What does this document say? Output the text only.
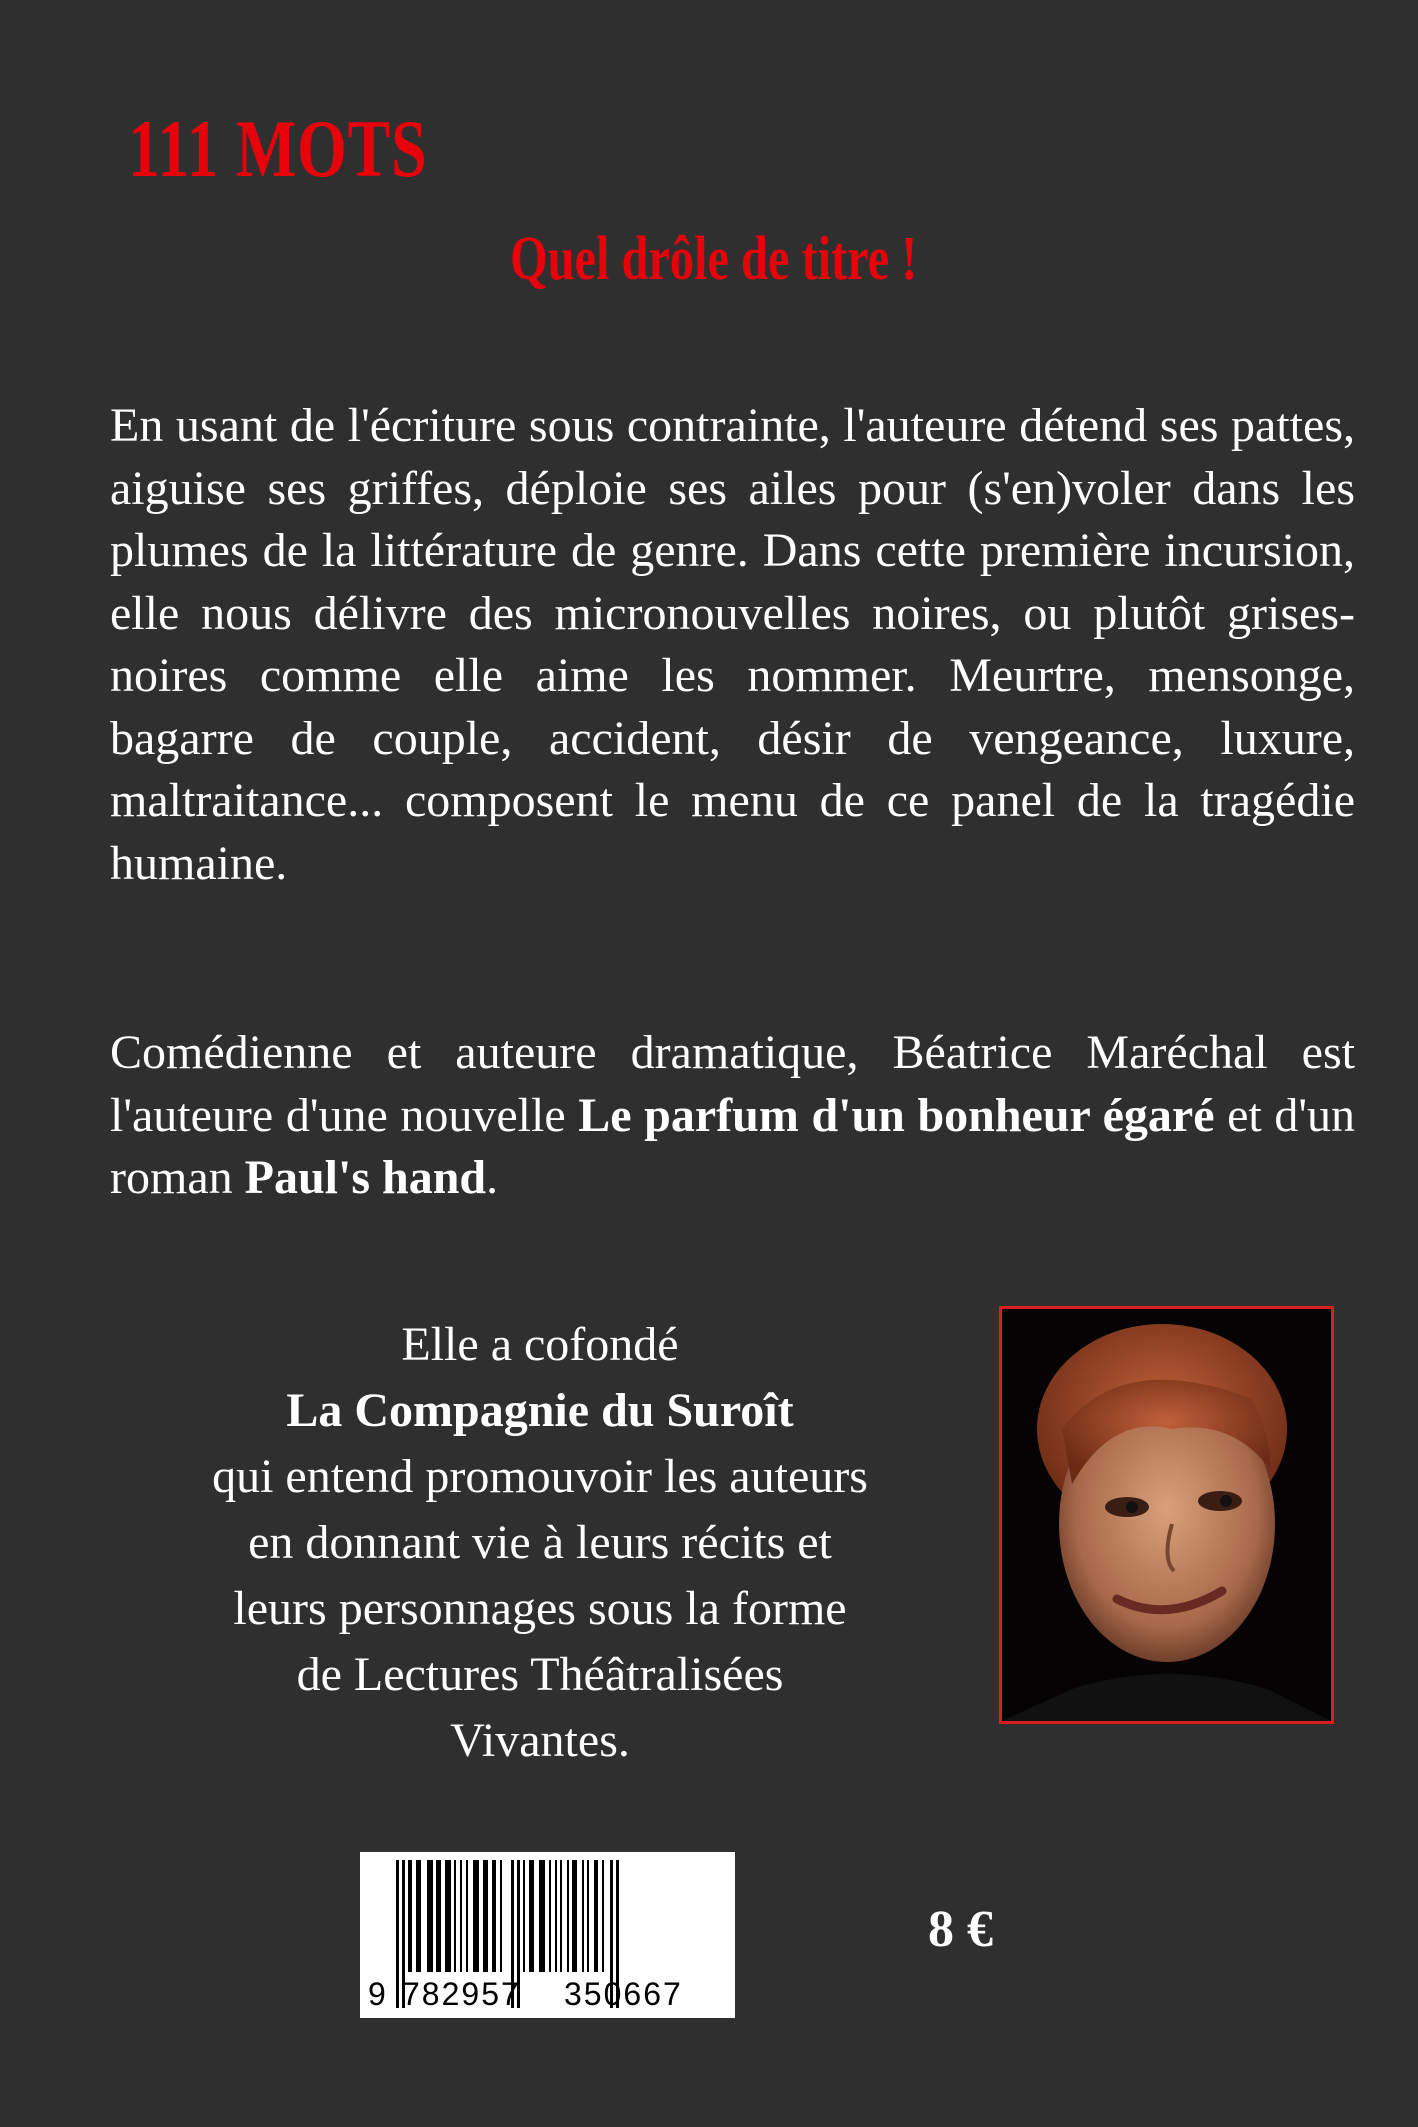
111 MOTS
Quel drôle de titre !
En usant de l'écriture sous contrainte, l'auteure détend ses pattes, aiguise ses griffes, déploie ses ailes pour (s'en)voler dans les plumes de la littérature de genre. Dans cette première incursion, elle nous délivre des micronouvelles noires, ou plutôt grises-noires comme elle aime les nommer. Meurtre, mensonge, bagarre de couple, accident, désir de vengeance, luxure, maltraitance... composent le menu de ce panel de la tragédie humaine.
Comédienne et auteure dramatique, Béatrice Maréchal est l'auteure d'une nouvelle Le parfum d'un bonheur égaré et d'un roman Paul's hand.
Elle a cofondé
La Compagnie du Suroît
qui entend promouvoir les auteurs
en donnant vie à leurs récits et
leurs personnages sous la forme
de Lectures Théâtralisées
Vivantes.
9 782957 350667
8 €
